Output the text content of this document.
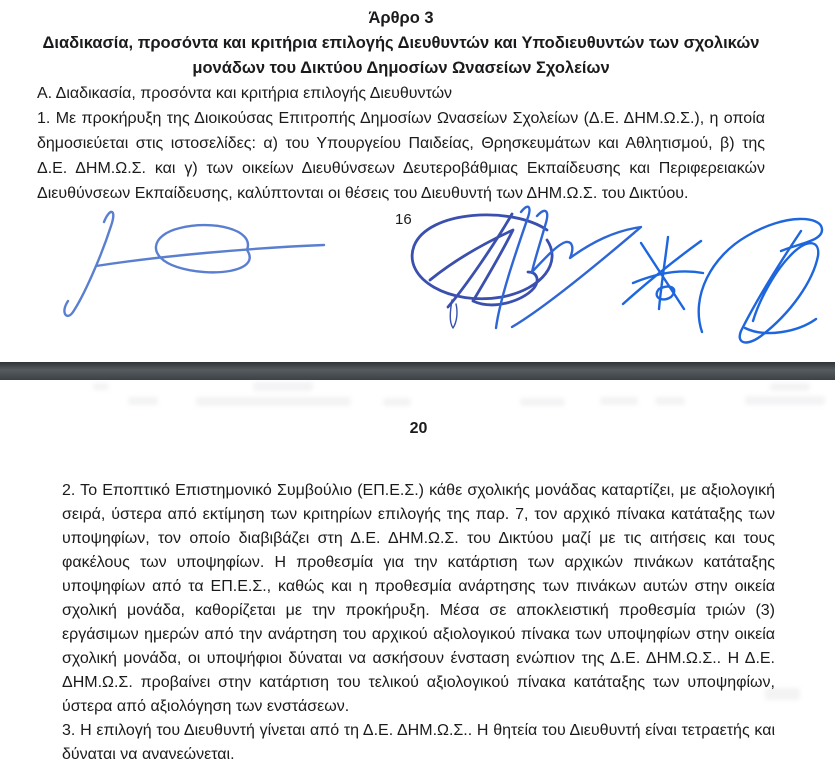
Άρθρο 3
Διαδικασία, προσόντα και κριτήρια επιλογής Διευθυντών και Υποδιευθυντών των σχολικών
μονάδων του Δικτύου Δημοσίων Ωνασείων Σχολείων
Α. Διαδικασία, προσόντα και κριτήρια επιλογής Διευθυντών

1. Με προκήρυξη της Διοικούσας Επιτροπής Δημοσίων Ωνασείων Σχολείων (Δ.Ε. ΔΗΜ.Ω.Σ.), η οποία δημοσιεύεται στις ιστοσελίδες: α) του Υπουργείου Παιδείας, Θρησκευμάτων και Αθλητισμού, β) της Δ.Ε. ΔΗΜ.Ω.Σ. και γ) των οικείων Διευθύνσεων Δευτεροβάθμιας Εκπαίδευσης και Περιφερειακών Διευθύνσεων Εκπαίδευσης, καλύπτονται οι θέσεις του Διευθυντή των ΔΗΜ.Ω.Σ. του Δικτύου.

16

20

2. Το Εποπτικό Επιστημονικό Συμβούλιο (ΕΠ.Ε.Σ.) κάθε σχολικής μονάδας καταρτίζει, με αξιολογική σειρά, ύστερα από εκτίμηση των κριτηρίων επιλογής της παρ. 7, τον αρχικό πίνακα κατάταξης των υποψηφίων, τον οποίο διαβιβάζει στη Δ.Ε. ΔΗΜ.Ω.Σ. του Δικτύου μαζί με τις αιτήσεις και τους φακέλους των υποψηφίων. Η προθεσμία για την κατάρτιση των αρχικών πινάκων κατάταξης υποψηφίων από τα ΕΠ.Ε.Σ., καθώς και η προθεσμία ανάρτησης των πινάκων αυτών στην οικεία σχολική μονάδα, καθορίζεται με την προκήρυξη. Μέσα σε αποκλειστική προθεσμία τριών (3) εργάσιμων ημερών από την ανάρτηση του αρχικού αξιολογικού πίνακα των υποψηφίων στην οικεία σχολική μονάδα, οι υποψήφιοι δύναται να ασκήσουν ένσταση ενώπιον της Δ.Ε. ΔΗΜ.Ω.Σ.. Η Δ.Ε. ΔΗΜ.Ω.Σ. προβαίνει στην κατάρτιση του τελικού αξιολογικού πίνακα κατάταξης των υποψηφίων, ύστερα από αξιολόγηση των ενστάσεων.

3. Η επιλογή του Διευθυντή γίνεται από τη Δ.Ε. ΔΗΜ.Ω.Σ.. Η θητεία του Διευθυντή είναι τετραετής και δύναται να ανανεώνεται.
